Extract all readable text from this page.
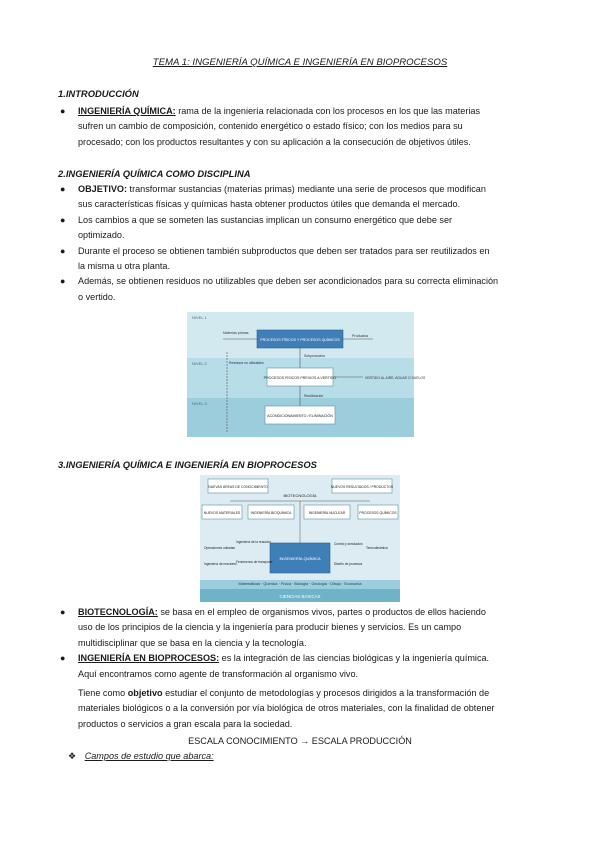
TEMA 1: INGENIERÍA QUÍMICA E INGENIERÍA EN BIOPROCESOS
1.INTRODUCCIÓN
● INGENIERÍA QUÍMICA: rama de la ingeniería relacionada con los procesos en los que las materias
sufren un cambio de composición, contenido energético o estado físico; con los medios para su
procesado; con los productos resultantes y con su aplicación a la consecución de objetivos útiles.
2.INGENIERÍA QUÍMICA COMO DISCIPLINA
● OBJETIVO: transformar sustancias (materias primas) mediante una serie de procesos que modifican
sus características físicas y químicas hasta obtener productos útiles que demanda el mercado.
● Los cambios a que se someten las sustancias implican un consumo energético que debe ser
optimizado.
● Durante el proceso se obtienen también subproductos que deben ser tratados para ser reutilizados en
la misma u otra planta.
● Además, se obtienen residuos no utilizables que deben ser acondicionados para su correcta eliminación
o vertido.
NIVEL 1
NIVEL 2
NIVEL 3
Materias primas
PROCESOS FÍSICOS Y PROCESOS QUÍMICOS
Productos
Subproductos
Residuos no utilizables
PROCESOS FÍSICOS PREVIOS A VERTIDO	VERTIDO AL AIRE, AGUAS O SUELOS
Reutilización
ACONDICIONAMIENTO / ELIMINACIÓN
3.INGENIERÍA QUÍMICA E INGENIERÍA EN BIOPROCESOS
CIENCIAS BÁSICAS
Matemáticas · Química · Física · Biología · Geología · Dibujo · Economía
NUEVAS ÁREAS DE CONOCIMIENTO	NUEVOS RESULTADOS / PRODUCTOS
BIOTECNOLOGÍA
NUEVOS MATERIALES	INGENIERÍA BIOQUÍMICA	INGENIERÍA NUCLEAR	PROCESOS QUÍMICOS
INGENIERÍA QUÍMICA
Operaciones unitarias
Ingeniería de la reacción
Fenómenos de transporte
Ingeniería de reactores
Control y simulación
Termodinámica
Diseño de procesos
● BIOTECNOLOGÍA: se basa en el empleo de organismos vivos, partes o productos de ellos haciendo
uso de los principios de la ciencia y la ingeniería para producir bienes y servicios. Es un campo
multidisciplinar que se basa en la ciencia y la tecnología.
● INGENIERÍA EN BIOPROCESOS: es la integración de las ciencias biológicas y la ingeniería química.
Aquí encontramos como agente de transformación al organismo vivo.
Tiene como objetivo estudiar el conjunto de metodologías y procesos dirigidos a la transformación de
materiales biológicos o a la conversión por vía biológica de otros materiales, con la finalidad de obtener
productos o servicios a gran escala para la sociedad.
ESCALA CONOCIMIENTO → ESCALA PRODUCCIÓN
❖ Campos de estudio que abarca:
